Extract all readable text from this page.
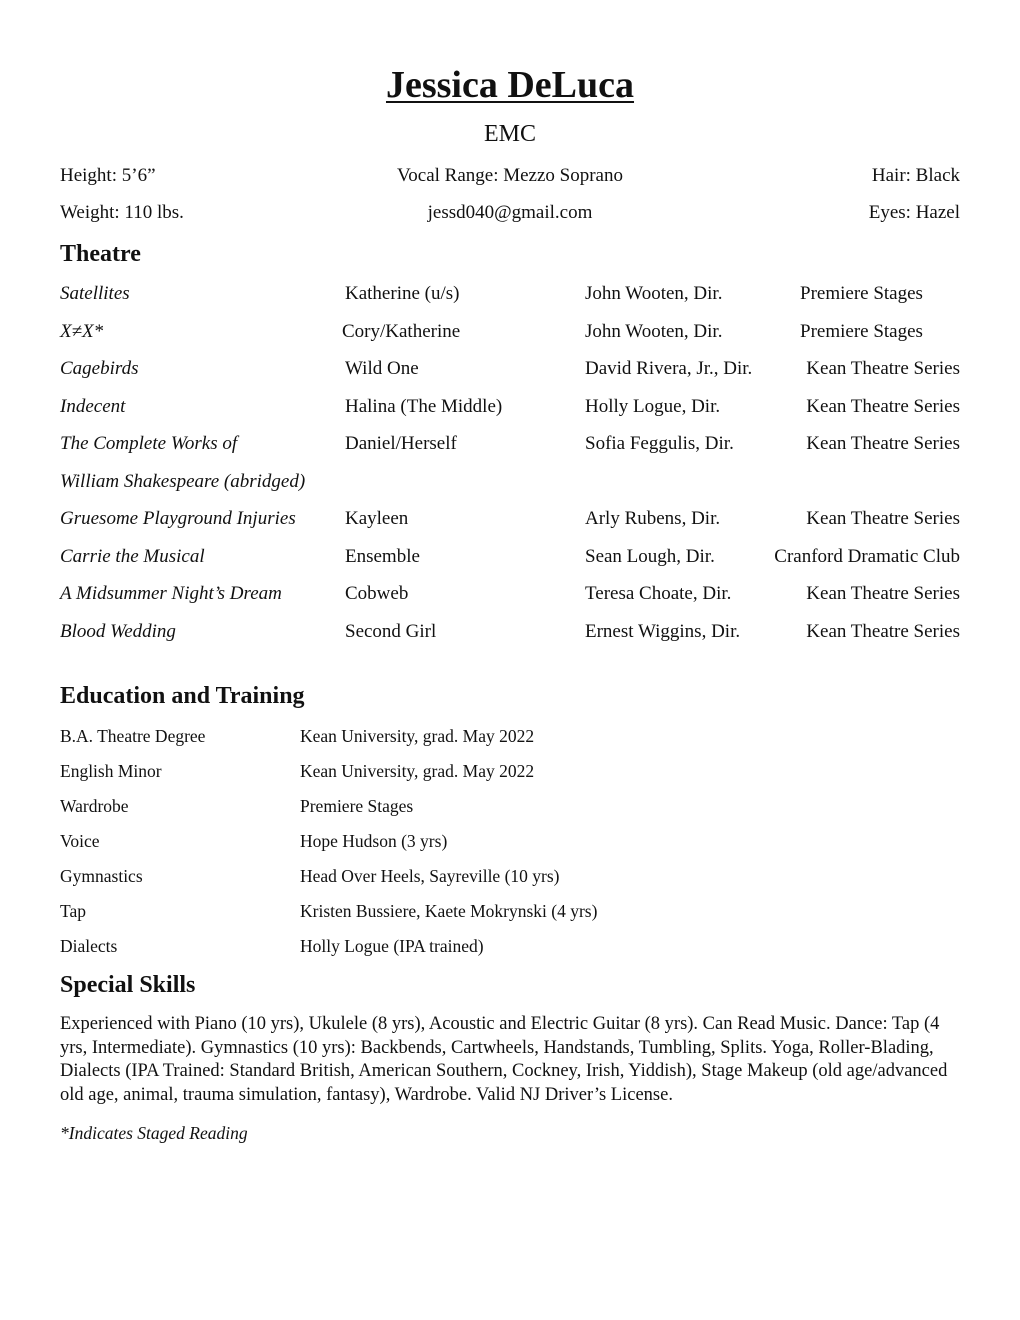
Jessica DeLuca
EMC
Height: 5’6”	Vocal Range: Mezzo Soprano	Hair: Black
Weight: 110 lbs.	jessd040@gmail.com	Eyes: Hazel
Theatre
Satellites	Katherine (u/s)	John Wooten, Dir.	Premiere Stages
X≠X*	Cory/Katherine	John Wooten, Dir.	Premiere Stages
Cagebirds	Wild One	David Rivera, Jr., Dir.	Kean Theatre Series
Indecent	Halina (The Middle)	Holly Logue, Dir.	Kean Theatre Series
The Complete Works of	Daniel/Herself	Sofia Feggulis, Dir.	Kean Theatre Series
William Shakespeare (abridged)
Gruesome Playground Injuries	Kayleen	Arly Rubens, Dir.	Kean Theatre Series
Carrie the Musical	Ensemble	Sean Lough, Dir.	Cranford Dramatic Club
A Midsummer Night’s Dream	Cobweb	Teresa Choate, Dir.	Kean Theatre Series
Blood Wedding	Second Girl	Ernest Wiggins, Dir.	Kean Theatre Series
Education and Training
B.A. Theatre Degree	Kean University, grad. May 2022
English Minor	Kean University, grad. May 2022
Wardrobe	Premiere Stages
Voice	Hope Hudson (3 yrs)
Gymnastics	Head Over Heels, Sayreville (10 yrs)
Tap	Kristen Bussiere, Kaete Mokrynski (4 yrs)
Dialects	Holly Logue (IPA trained)
Special Skills
Experienced with Piano (10 yrs), Ukulele (8 yrs), Acoustic and Electric Guitar (8 yrs). Can Read Music. Dance: Tap (4 yrs, Intermediate). Gymnastics (10 yrs): Backbends, Cartwheels, Handstands, Tumbling, Splits. Yoga, Roller-Blading, Dialects (IPA Trained: Standard British, American Southern, Cockney, Irish, Yiddish), Stage Makeup (old age/advanced old age, animal, trauma simulation, fantasy), Wardrobe. Valid NJ Driver’s License.
*Indicates Staged Reading
